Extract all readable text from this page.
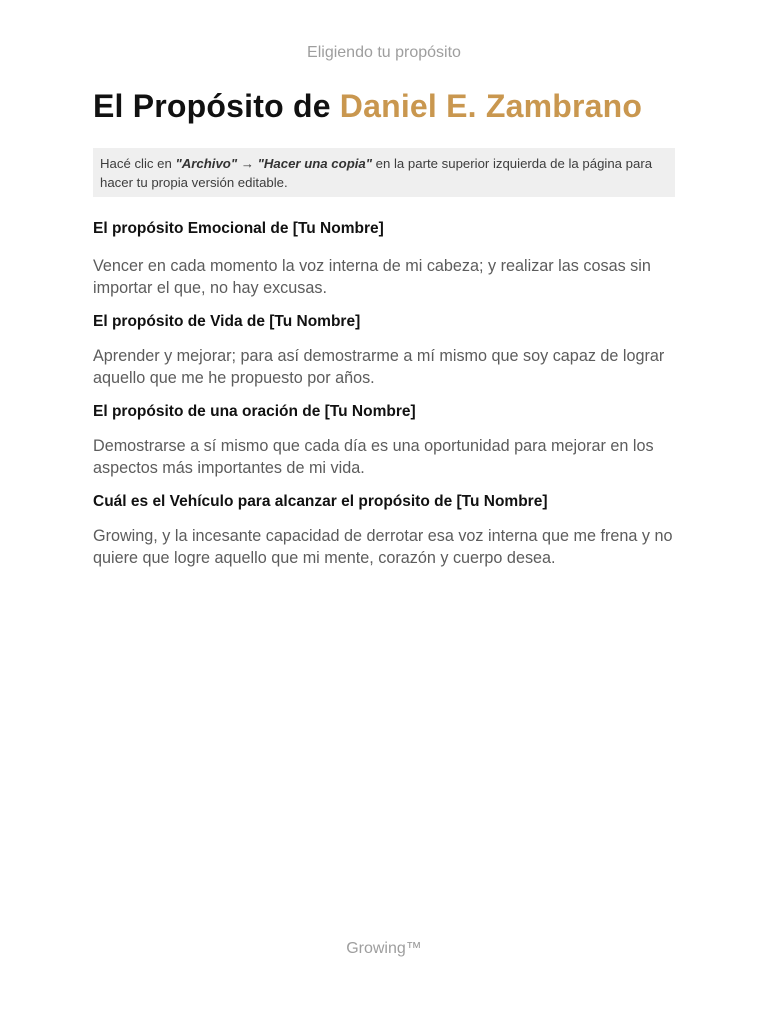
Eligiendo tu propósito
El Propósito de Daniel E. Zambrano
Hacé clic en "Archivo" → "Hacer una copia" en la parte superior izquierda de la página para hacer tu propia versión editable.

El propósito Emocional de [Tu Nombre]

Vencer en cada momento la voz interna de mi cabeza; y realizar las cosas sin importar el que, no hay excusas.

El propósito de Vida de [Tu Nombre]

Aprender y mejorar; para así demostrarme a mí mismo que soy capaz de lograr aquello que me he propuesto por años.

El propósito de una oración de [Tu Nombre]

Demostrarse a sí mismo que cada día es una oportunidad para mejorar en los aspectos más importantes de mi vida.

Cuál es el Vehículo para alcanzar el propósito de [Tu Nombre]

Growing, y la incesante capacidad de derrotar esa voz interna que me frena y no quiere que logre aquello que mi mente, corazón y cuerpo desea.

Growing™
